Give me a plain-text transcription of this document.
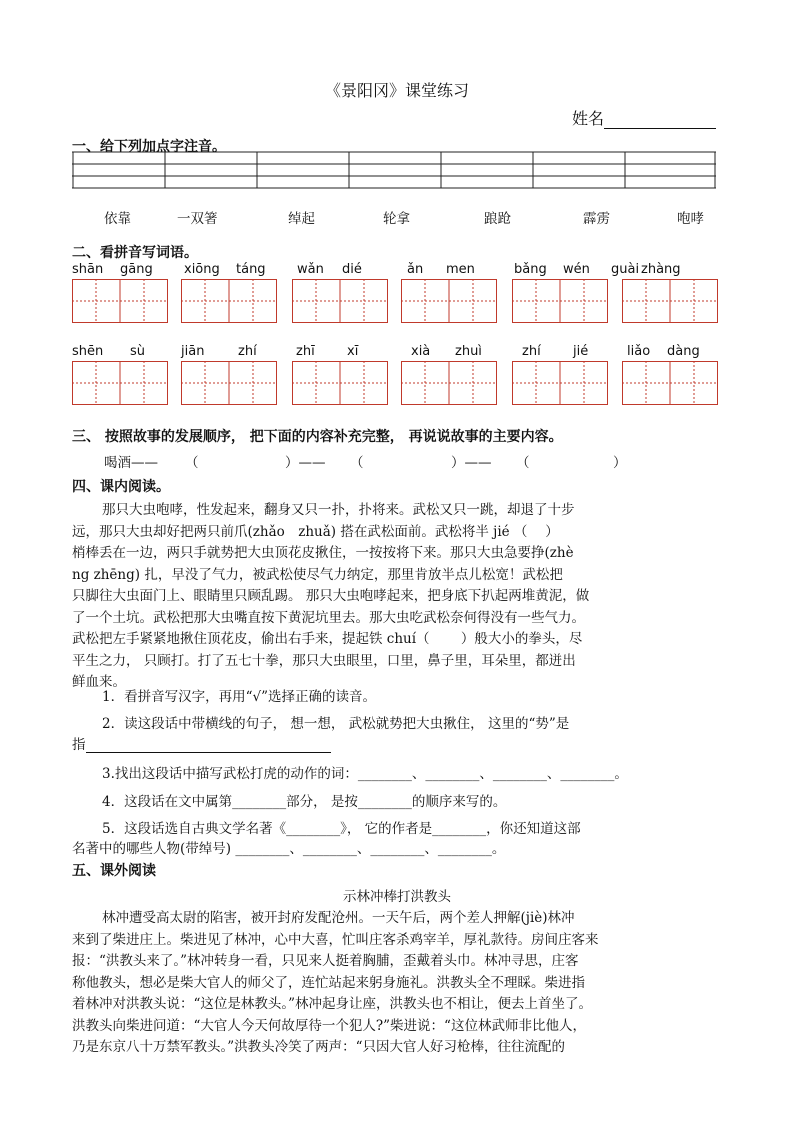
《景阳冈》课堂练习
姓名
一、给下列加点字注音。
依靠	一双箸	绰起	轮拿	踉跄	霹雳	咆哮
二、看拼音写词语。
shān gāng xiōng táng wǎn dié	ǎn men	bǎng wén guài zhàng
shēn sù	jiān	zhí	zhī xī	xià zhuì	zhí jié	liǎo dàng
三、 按照故事的发展顺序， 把下面的内容补充完整， 再说说故事的主要内容。
喝酒—— （	）—— （	）—— （	）
四、课内阅读。
那只大虫咆哮，性发起来，翻身又只一扑，扑将来。武松又只一跳，却退了十步
远，那只大虫却好把两只前爪(zhǎo　zhuǎ) 搭在武松面前。武松将半 jié （　 ）
梢棒丢在一边，两只手就势把大虫顶花皮揪住，一按按将下来。那只大虫急要挣(zhè
ng zhēng) 扎，早没了气力，被武松使尽气力纳定，那里肯放半点儿松宽！武松把
只脚往大虫面门上、眼睛里只顾乱踢。 那只大虫咆哮起来，把身底下扒起两堆黄泥，做
了一个土坑。武松把那大虫嘴直按下黄泥坑里去。那大虫吃武松奈何得没有一些气力。
武松把左手紧紧地揪住顶花皮，偷出右手来，提起铁 chuí（　　 ）般大小的拳头，尽
平生之力， 只顾打。打了五七十拳，那只大虫眼里，口里，鼻子里，耳朵里，都迸出
鲜血来。
1．看拼音写汉字，再用“√”选择正确的读音。
2．读这段话中带横线的句子， 想一想， 武松就势把大虫揪住， 这里的“势”是
指
3.找出这段话中描写武松打虎的动作的词：________、________、________、________。
4．这段话在文中属第________部分， 是按________的顺序来写的。
5．这段话选自古典文学名著《________》， 它的作者是________，你还知道这部
名著中的哪些人物(带绰号) ________、________、________、________。
五、课外阅读
示林冲棒打洪教头
林冲遭受高太尉的陷害，被开封府发配沧州。一天午后，两个差人押解(jiè)林冲
来到了柴进庄上。柴进见了林冲，心中大喜，忙叫庄客杀鸡宰羊，厚礼款待。房间庄客来
报：“洪教头来了。”林冲转身一看，只见来人挺着胸脯，歪戴着头巾。林冲寻思，庄客
称他教头，想必是柴大官人的师父了，连忙站起来躬身施礼。洪教头全不理睬。柴进指
着林冲对洪教头说：“这位是林教头。”林冲起身让座，洪教头也不相让，便去上首坐了。
洪教头向柴进问道：“大官人今天何故厚待一个犯人?”柴进说：“这位林武师非比他人，
乃是东京八十万禁军教头。”洪教头冷笑了两声：“只因大官人好习枪棒，往往流配的
